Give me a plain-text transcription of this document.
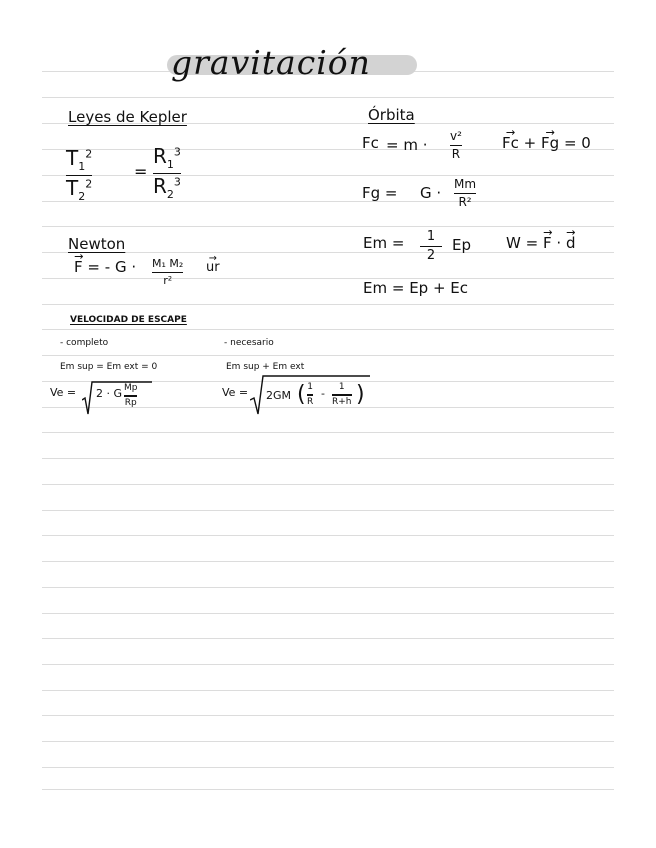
gravitación
Leyes de Kepler
$T_1^2$
$T_2^2$
=
$R_1^3$
$R_2^3$
Newton
→ F = - G · M₁ M₂
r²
→ ur
Órbita
Fc = m · v²
R
→ Fc + → Fg = 0
Fg = G · Mm
R²
Em = 1
2
Ep W = → F · → d
Em = Ep + Ec
VELOCIDAD DE ESCAPE
- completo
Em sup = Em ext = 0
Ve = 2 · G Mp
Rp
- necesario
Em sup + Em ext
Ve = 2GM ( 1
R
- 1
R+h )
